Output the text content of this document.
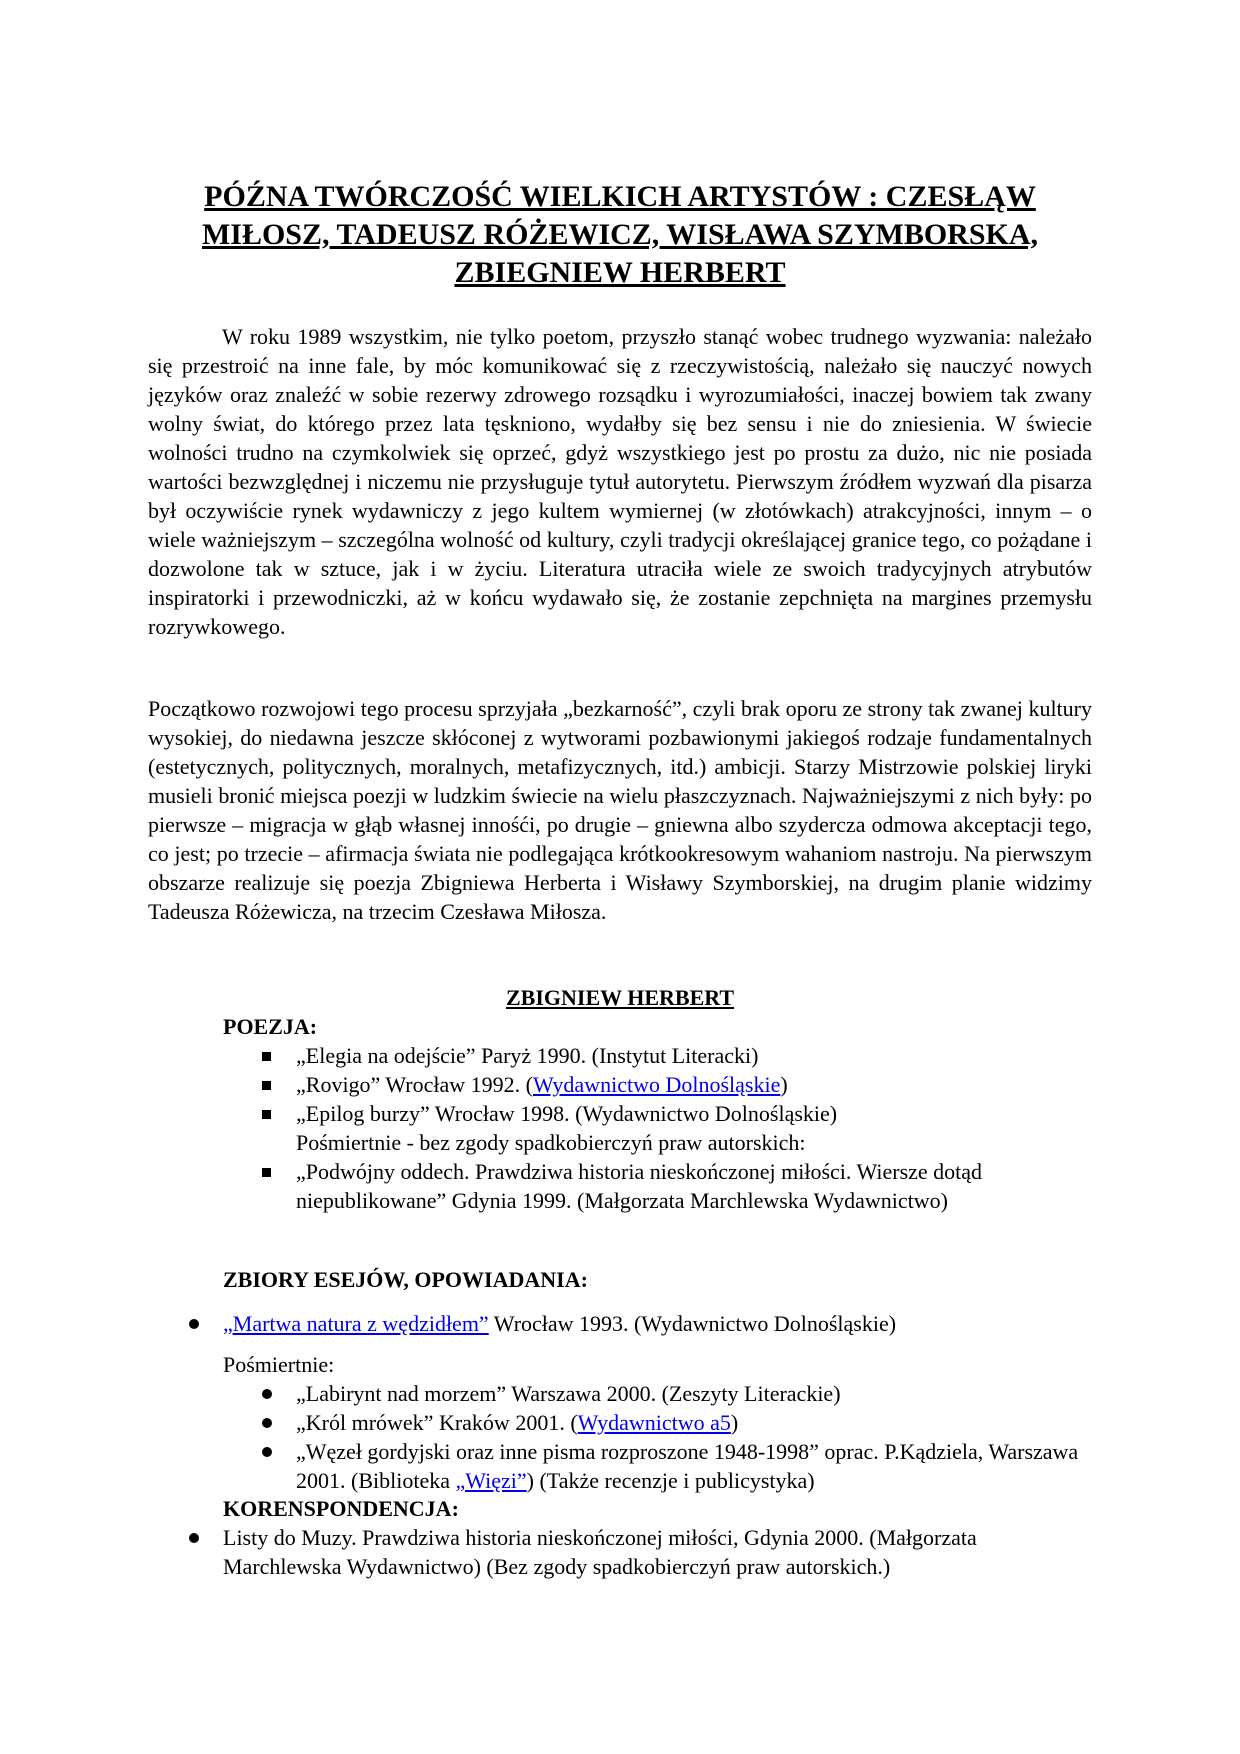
PÓŹNA TWÓRCZOŚĆ WIELKICH ARTYSTÓW : CZESŁĄW
MIŁOSZ, TADEUSZ RÓŻEWICZ, WISŁAWA SZYMBORSKA,
ZBIEGNIEW HERBERT

W roku 1989 wszystkim, nie tylko poetom, przyszło stanąć wobec trudnego wyzwania: należało się przestroić na inne fale, by móc komunikować się z rzeczywistością, należało się nauczyć nowych języków oraz znaleźć w sobie rezerwy zdrowego rozsądku i wyrozumiałości, inaczej bowiem tak zwany wolny świat, do którego przez lata tęskniono, wydałby się bez sensu i nie do zniesienia. W świecie wolności trudno na czymkolwiek się oprzeć, gdyż wszystkiego jest po prostu za dużo, nic nie posiada wartości bezwzględnej i niczemu nie przysługuje tytuł autorytetu. Pierwszym źródłem wyzwań dla pisarza był oczywiście rynek wydawniczy z jego kultem wymiernej (w złotówkach) atrakcyjności, innym – o wiele ważniejszym – szczególna wolność od kultury, czyli tradycji określającej granice tego, co pożądane i dozwolone tak w sztuce, jak i w życiu. Literatura utraciła wiele ze swoich tradycyjnych atrybutów inspiratorki i przewodniczki, aż w końcu wydawało się, że zostanie zepchnięta na margines przemysłu rozrywkowego.

Początkowo rozwojowi tego procesu sprzyjała „bezkarność”, czyli brak oporu ze strony tak zwanej kultury wysokiej, do niedawna jeszcze skłóconej z wytworami pozbawionymi jakiegoś rodzaje fundamentalnych (estetycznych, politycznych, moralnych, metafizycznych, itd.) ambicji. Starzy Mistrzowie polskiej liryki musieli bronić miejsca poezji w ludzkim świecie na wielu płaszczyznach. Najważniejszymi z nich były: po pierwsze – migracja w głąb własnej innośći, po drugie – gniewna albo szydercza odmowa akceptacji tego, co jest; po trzecie – afirmacja świata nie podlegająca krótkookresowym wahaniom nastroju. Na pierwszym obszarze realizuje się poezja Zbigniewa Herberta i Wisławy Szymborskiej, na drugim planie widzimy Tadeusza Różewicza, na trzecim Czesława Miłosza.

ZBIGNIEW HERBERT
POEZJA:
„Elegia na odejście” Paryż 1990. (Instytut Literacki)
„Rovigo” Wrocław 1992. (Wydawnictwo Dolnośląskie)
„Epilog burzy” Wrocław 1998. (Wydawnictwo Dolnośląskie)
Pośmiertnie - bez zgody spadkobierczyń praw autorskich:
„Podwójny oddech. Prawdziwa historia nieskończonej miłości. Wiersze dotąd niepublikowane” Gdynia 1999. (Małgorzata Marchlewska Wydawnictwo)
ZBIORY ESEJÓW, OPOWIADANIA:
„Martwa natura z wędzidłem” Wrocław 1993. (Wydawnictwo Dolnośląskie)

Pośmiertnie:

„Labirynt nad morzem” Warszawa 2000. (Zeszyty Literackie)
„Król mrówek” Kraków 2001. (Wydawnictwo a5)
„Węzeł gordyjski oraz inne pisma rozproszone 1948-1998” oprac. P.Kądziela, Warszawa 2001. (Biblioteka „Więzi”) (Także recenzje i publicystyka)
KORENSPONDENCJA:
Listy do Muzy. Prawdziwa historia nieskończonej miłości, Gdynia 2000. (Małgorzata Marchlewska Wydawnictwo) (Bez zgody spadkobierczyń praw autorskich.)
